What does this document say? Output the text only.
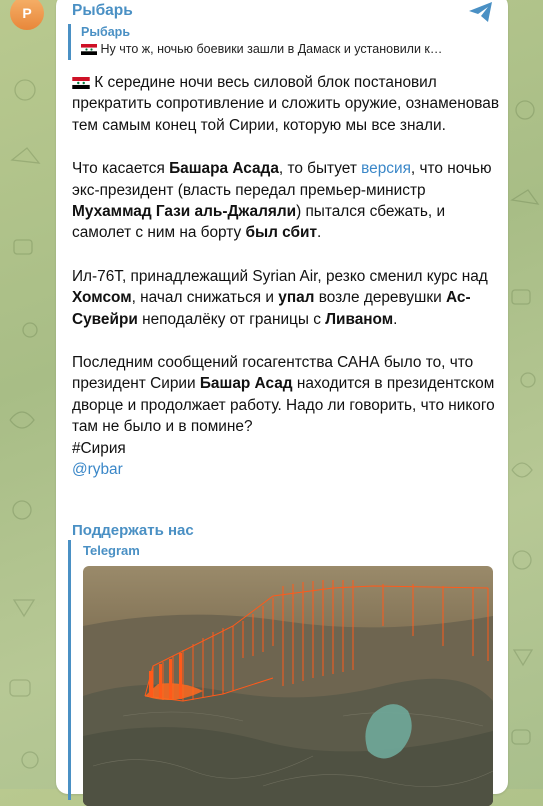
Р	Рыбарь
Рыбарь
Ну что ж, ночью боевики зашли в Дамаск и установили к…

К середине ночи весь силовой блок постановил прекратить сопротивление и сложить оружие, ознаменовав тем самым конец той Сирии, которую мы все знали.

Что касается Башара Асада, то бытует версия, что ночью экс-президент (власть передал премьер-министр Мухаммад Гази аль-Джаляли) пытался сбежать, и самолет с ним на борту был сбит.

Ил-76Т, принадлежащий Syrian Air, резко сменил курс над Хомсом, начал снижаться и упал возле деревушки Ас-Сувейри неподалёку от границы с Ливаном.

Последним сообщений госагентства САНА было то, что президент Сирии Башар Асад находится в президентском дворце и продолжает работу. Надо ли говорить, что никого там не было и в помине?
#Сирия
@rybar

Поддержать нас
Telegram
